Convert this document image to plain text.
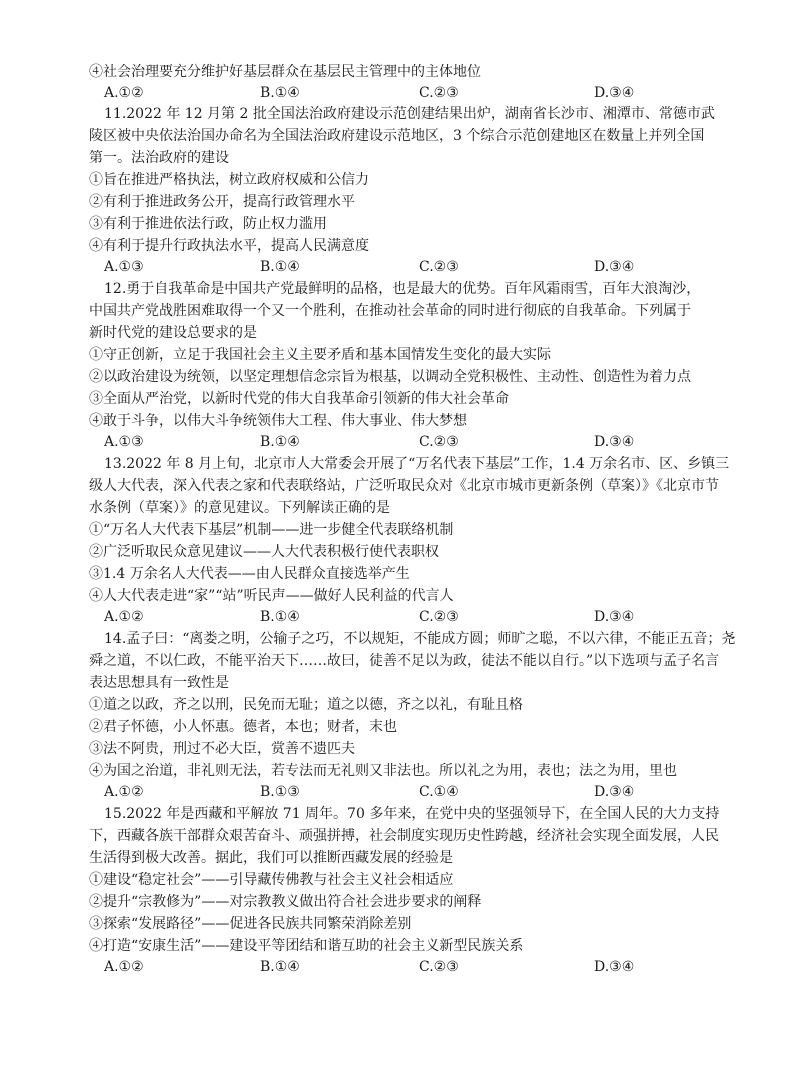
④社会治理要充分维护好基层群众在基层民主管理中的主体地位
A.①②	B.①④	C.②③	D.③④
11.2022 年 12 月第 2 批全国法治政府建设示范创建结果出炉，湖南省长沙市、湘潭市、常德市武
陵区被中央依法治国办命名为全国法治政府建设示范地区，3 个综合示范创建地区在数量上并列全国
第一。法治政府的建设
①旨在推进严格执法，树立政府权威和公信力
②有利于推进政务公开，提高行政管理水平
③有利于推进依法行政，防止权力滥用
④有利于提升行政执法水平，提高人民满意度
A.①③	B.①④	C.②③	D.③④
12.勇于自我革命是中国共产党最鲜明的品格，也是最大的优势。百年风霜雨雪，百年大浪淘沙，
中国共产党战胜困难取得一个又一个胜利，在推动社会革命的同时进行彻底的自我革命。下列属于
新时代党的建设总要求的是
①守正创新，立足于我国社会主义主要矛盾和基本国情发生变化的最大实际
②以政治建设为统领，以坚定理想信念宗旨为根基，以调动全党积极性、主动性、创造性为着力点
③全面从严治党，以新时代党的伟大自我革命引领新的伟大社会革命
④敢于斗争，以伟大斗争统领伟大工程、伟大事业、伟大梦想
A.①③	B.①④	C.②③	D.③④
13.2022 年 8 月上旬，北京市人大常委会开展了“万名代表下基层”工作，1.4 万余名市、区、乡镇三
级人大代表，深入代表之家和代表联络站，广泛听取民众对《北京市城市更新条例（草案）》《北京市节
水条例（草案）》的意见建议。下列解读正确的是
①“万名人大代表下基层”机制——进一步健全代表联络机制
②广泛听取民众意见建议——人大代表积极行使代表职权
③1.4 万余名人大代表——由人民群众直接选举产生
④人大代表走进“家”“站”听民声——做好人民利益的代言人
A.①②	B.①④	C.②③	D.③④
14.孟子曰：“离娄之明，公输子之巧，不以规矩，不能成方圆；师旷之聪，不以六律，不能正五音；尧
舜之道，不以仁政，不能平治天下……故曰，徒善不足以为政，徒法不能以自行。”以下选项与孟子名言
表达思想具有一致性是
①道之以政，齐之以刑，民免而无耻；道之以德，齐之以礼，有耻且格
②君子怀德，小人怀惠。德者，本也；财者，末也
③法不阿贵，刑过不必大臣，赏善不遗匹夫
④为国之治道，非礼则无法，若专法而无礼则又非法也。所以礼之为用，表也；法之为用，里也
A.①②	B.①③	C.①④	D.③④
15.2022 年是西藏和平解放 71 周年。70 多年来，在党中央的坚强领导下，在全国人民的大力支持
下，西藏各族干部群众艰苦奋斗、顽强拼搏，社会制度实现历史性跨越，经济社会实现全面发展，人民
生活得到极大改善。据此，我们可以推断西藏发展的经验是
①建设“稳定社会”——引导藏传佛教与社会主义社会相适应
②提升“宗教修为”——对宗教教义做出符合社会进步要求的阐释
③探索“发展路径”——促进各民族共同繁荣消除差别
④打造“安康生活”——建设平等团结和谐互助的社会主义新型民族关系
A.①②	B.①④	C.②③	D.③④
